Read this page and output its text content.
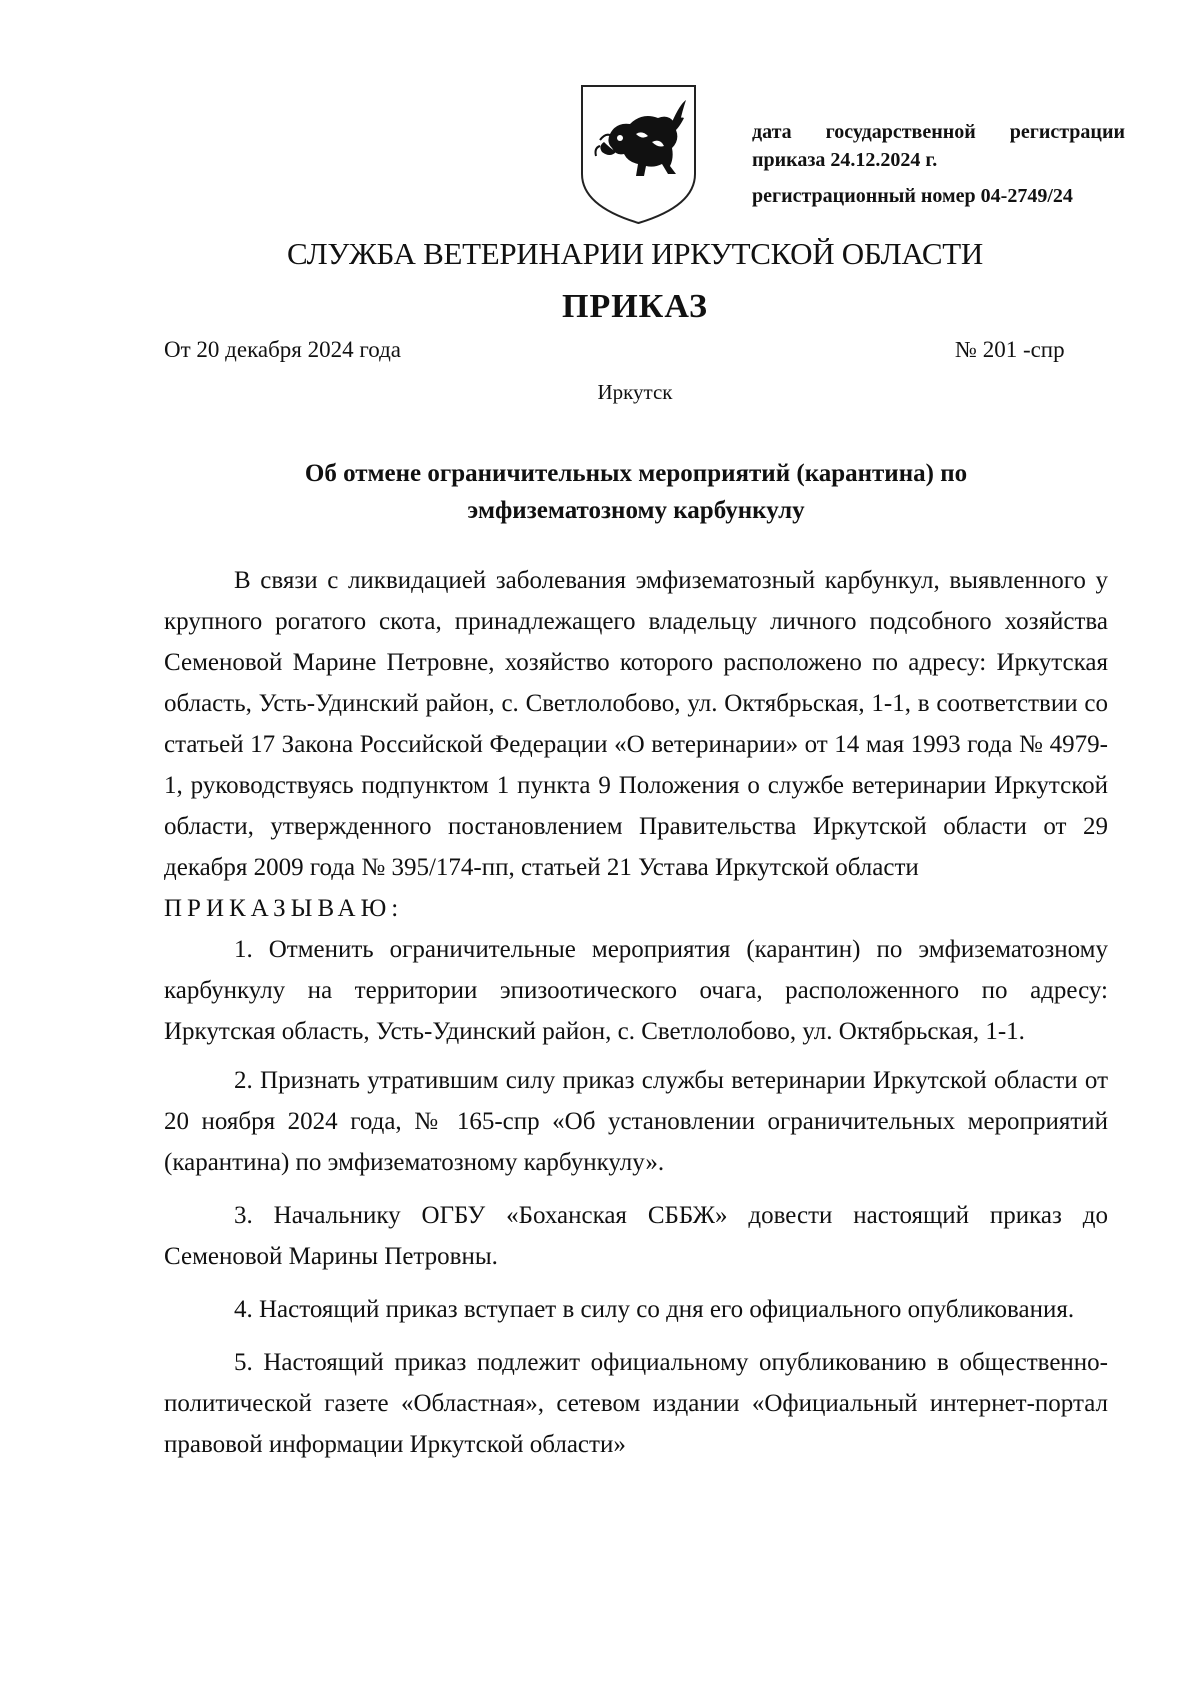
дата государственной регистрации
приказа 24.12.2024 г.
регистрационный номер 04-2749/24
СЛУЖБА ВЕТЕРИНАРИИ ИРКУТСКОЙ ОБЛАСТИ
ПРИКАЗ
От 20 декабря 2024 года	№ 201 -спр
Иркутск
Об отмене ограничительных мероприятий (карантина) по
эмфизематозному карбункулу

В связи с ликвидацией заболевания эмфизематозный карбункул, выявленного у крупного рогатого скота, принадлежащего владельцу личного подсобного хозяйства Семеновой Марине Петровне, хозяйство которого расположено по адресу: Иркутская область, Усть-Удинский район, с. Светлолобово, ул. Октябрьская, 1-1, в соответствии со статьей 17 Закона Российской Федерации «О ветеринарии» от 14 мая 1993 года № 4979-1, руководствуясь подпунктом 1 пункта 9 Положения о службе ветеринарии Иркутской области, утвержденного постановлением Правительства Иркутской области от 29 декабря 2009 года № 395/174-пп, статьей 21 Устава Иркутской области

ПРИКАЗЫВАЮ:

1. Отменить ограничительные мероприятия (карантин) по эмфизематозному карбункулу на территории эпизоотического очага, расположенного по адресу: Иркутская область, Усть-Удинский район, с. Светлолобово, ул. Октябрьская, 1-1.

2. Признать утратившим силу приказ службы ветеринарии Иркутской области от 20 ноября 2024 года, № 165-спр «Об установлении ограничительных мероприятий (карантина) по эмфизематозному карбункулу».

3. Начальнику ОГБУ «Боханская СББЖ» довести настоящий приказ до Семеновой Марины Петровны.

4. Настоящий приказ вступает в силу со дня его официального опубликования.

5. Настоящий приказ подлежит официальному опубликованию в общественно-политической газете «Областная», сетевом издании «Официальный интернет-портал правовой информации Иркутской области»
